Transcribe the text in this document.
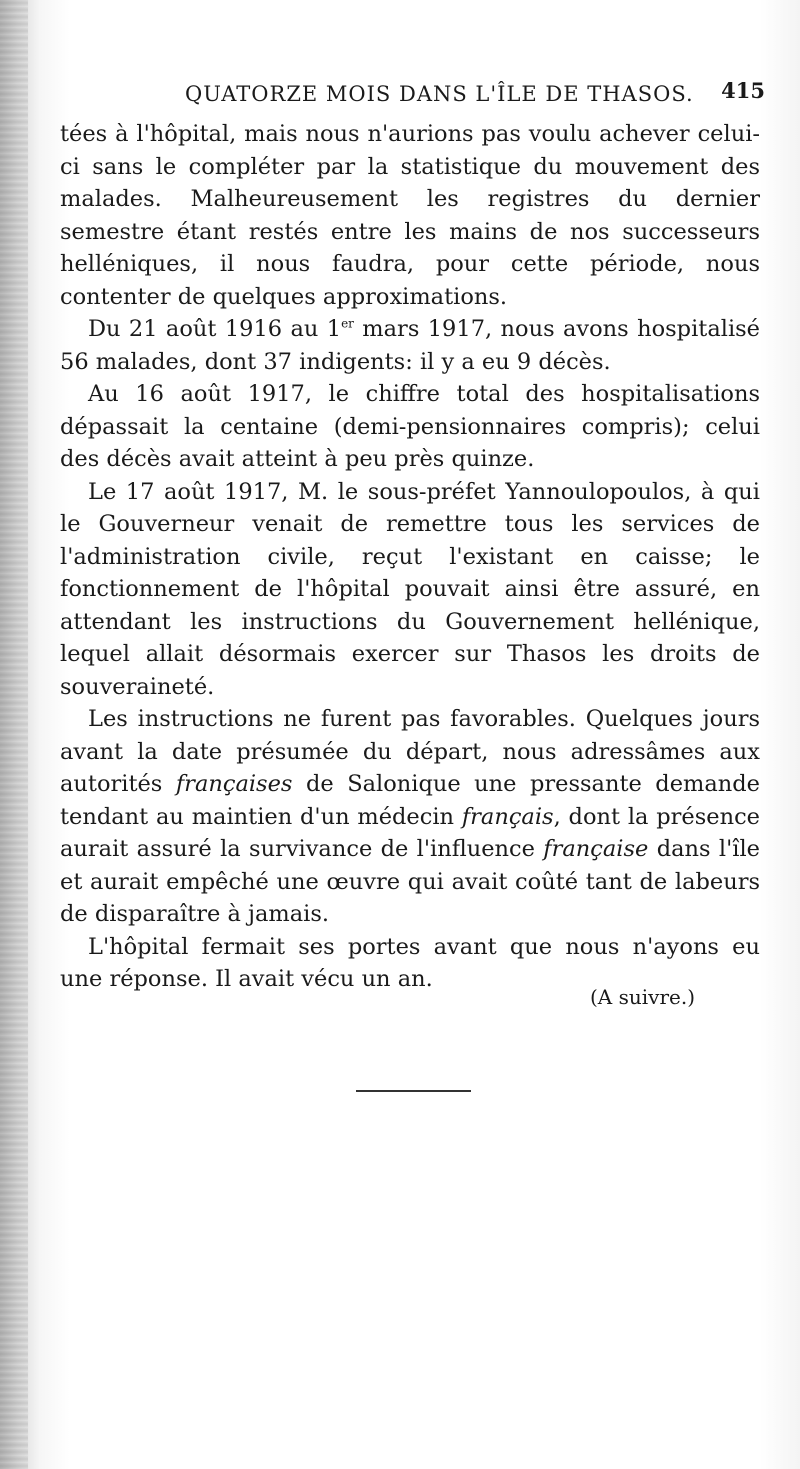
QUATORZE MOIS DANS L'ÎLE DE THASOS. 415

tées à l'hôpital, mais nous n'aurions pas voulu achever celui-ci sans le compléter par la statistique du mouvement des malades. Malheureusement les registres du dernier semestre étant restés entre les mains de nos successeurs helléniques, il nous faudra, pour cette période, nous contenter de quelques approximations.

Du 21 août 1916 au 1er mars 1917, nous avons hospitalisé 56 malades, dont 37 indigents: il y a eu 9 décès.

Au 16 août 1917, le chiffre total des hospitalisations dépassait la centaine (demi-pensionnaires compris); celui des décès avait atteint à peu près quinze.

Le 17 août 1917, M. le sous-préfet Yannoulopoulos, à qui le Gouverneur venait de remettre tous les services de l'administration civile, reçut l'existant en caisse; le fonctionnement de l'hôpital pouvait ainsi être assuré, en attendant les instructions du Gouvernement hellénique, lequel allait désormais exercer sur Thasos les droits de souveraineté.

Les instructions ne furent pas favorables. Quelques jours avant la date présumée du départ, nous adressâmes aux autorités françaises de Salonique une pressante demande tendant au maintien d'un médecin français, dont la présence aurait assuré la survivance de l'influence française dans l'île et aurait empêché une œuvre qui avait coûté tant de labeurs de disparaître à jamais.

L'hôpital fermait ses portes avant que nous n'ayons eu une réponse. Il avait vécu un an.

(A suivre.)
